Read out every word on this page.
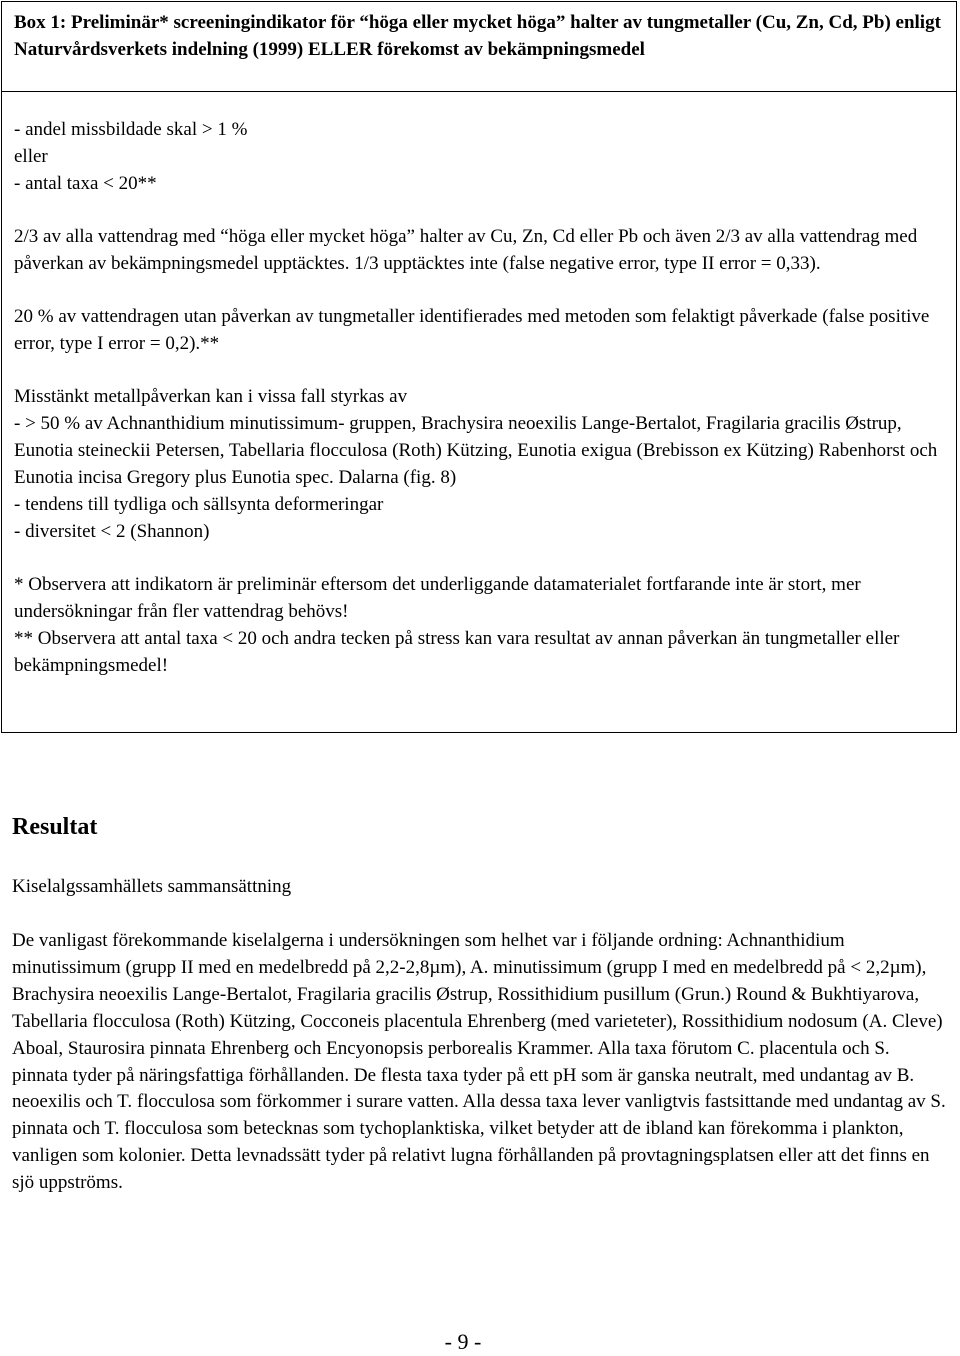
Box 1: Preliminär* screeningindikator för “höga eller mycket höga” halter av tungmetaller (Cu, Zn, Cd, Pb) enligt Naturvårdsverkets indelning (1999) ELLER förekomst av bekämpningsmedel

- andel missbildade skal > 1 %

eller

- antal taxa < 20**

2/3 av alla vattendrag med “höga eller mycket höga” halter av Cu, Zn, Cd eller Pb och även 2/3 av alla vattendrag med påverkan av bekämpningsmedel upptäcktes. 1/3 upptäcktes inte (false negative error, type II error = 0,33).

20 % av vattendragen utan påverkan av tungmetaller identifierades med metoden som felaktigt påverkade (false positive error, type I error = 0,2).**

Misstänkt metallpåverkan kan i vissa fall styrkas av

- > 50 % av Achnanthidium minutissimum- gruppen, Brachysira neoexilis Lange-Bertalot, Fragilaria gracilis Østrup, Eunotia steineckii Petersen, Tabellaria flocculosa (Roth) Kützing, Eunotia exigua (Brebisson ex Kützing) Rabenhorst och Eunotia incisa Gregory plus Eunotia spec. Dalarna (fig. 8)

- tendens till tydliga och sällsynta deformeringar

- diversitet < 2 (Shannon)

* Observera att indikatorn är preliminär eftersom det underliggande datamaterialet fortfarande inte är stort, mer undersökningar från fler vattendrag behövs!

** Observera att antal taxa < 20 och andra tecken på stress kan vara resultat av annan påverkan än tungmetaller eller bekämpningsmedel!

Resultat

Kiselalgssamhällets sammansättning

De vanligast förekommande kiselalgerna i undersökningen som helhet var i följande ordning: Achnanthidium minutissimum (grupp II med en medelbredd på 2,2-2,8µm), A. minutissimum (grupp I med en medelbredd på < 2,2µm), Brachysira neoexilis Lange-Bertalot, Fragilaria gracilis Østrup, Rossithidium pusillum (Grun.) Round & Bukhtiyarova, Tabellaria flocculosa (Roth) Kützing, Cocconeis placentula Ehrenberg (med varieteter), Rossithidium nodosum (A. Cleve) Aboal, Staurosira pinnata Ehrenberg och Encyonopsis perborealis Krammer. Alla taxa förutom C. placentula och S. pinnata tyder på näringsfattiga förhållanden. De flesta taxa tyder på ett pH som är ganska neutralt, med undantag av B. neoexilis och T. flocculosa som förkommer i surare vatten. Alla dessa taxa lever vanligtvis fastsittande med undantag av S. pinnata och T. flocculosa som betecknas som tychoplanktiska, vilket betyder att de ibland kan förekomma i plankton, vanligen som kolonier. Detta levnadssätt tyder på relativt lugna förhållanden på provtagningsplatsen eller att det finns en sjö uppströms.

- 9 -
